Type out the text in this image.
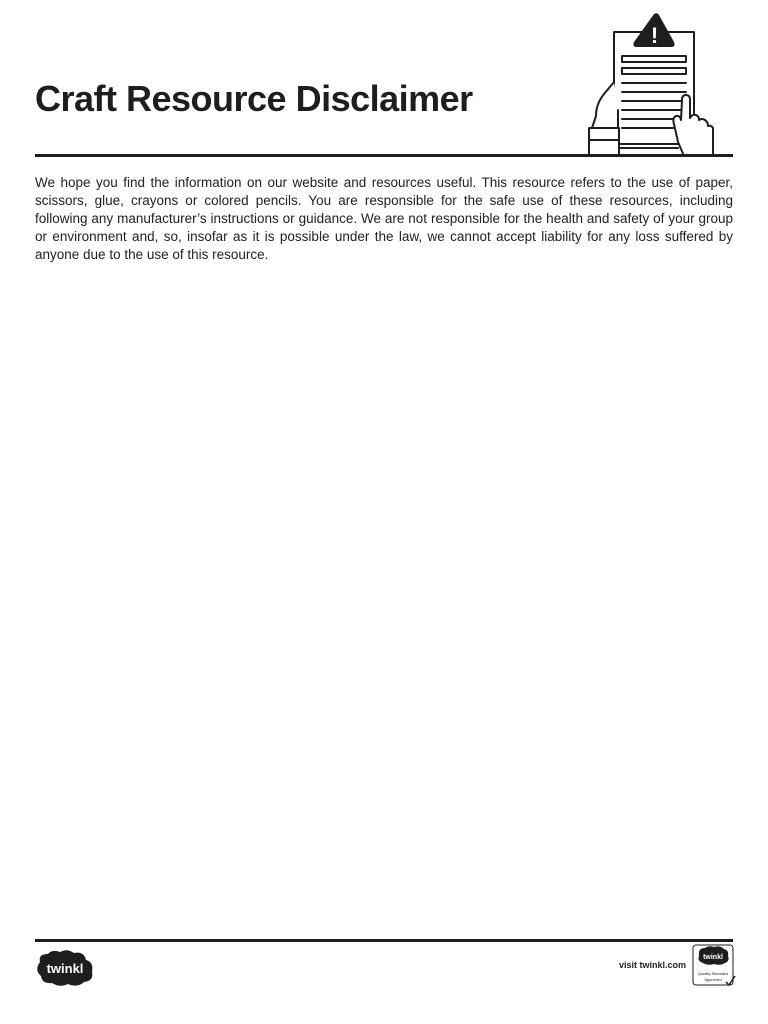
Craft Resource Disclaimer
!

We hope you find the information on our website and resources useful. This resource refers to the use of paper, scissors, glue, crayons or colored pencils. You are responsible for the safe use of these resources, including following any manufacturer’s instructions or guidance. We are not responsible for the health and safety of your group or environment and, so, insofar as it is possible under the law, we cannot accept liability for any loss suffered by anyone due to the use of this resource.

twinkl	visit twinkl.com
twinkl
Quality Standard
Approved
